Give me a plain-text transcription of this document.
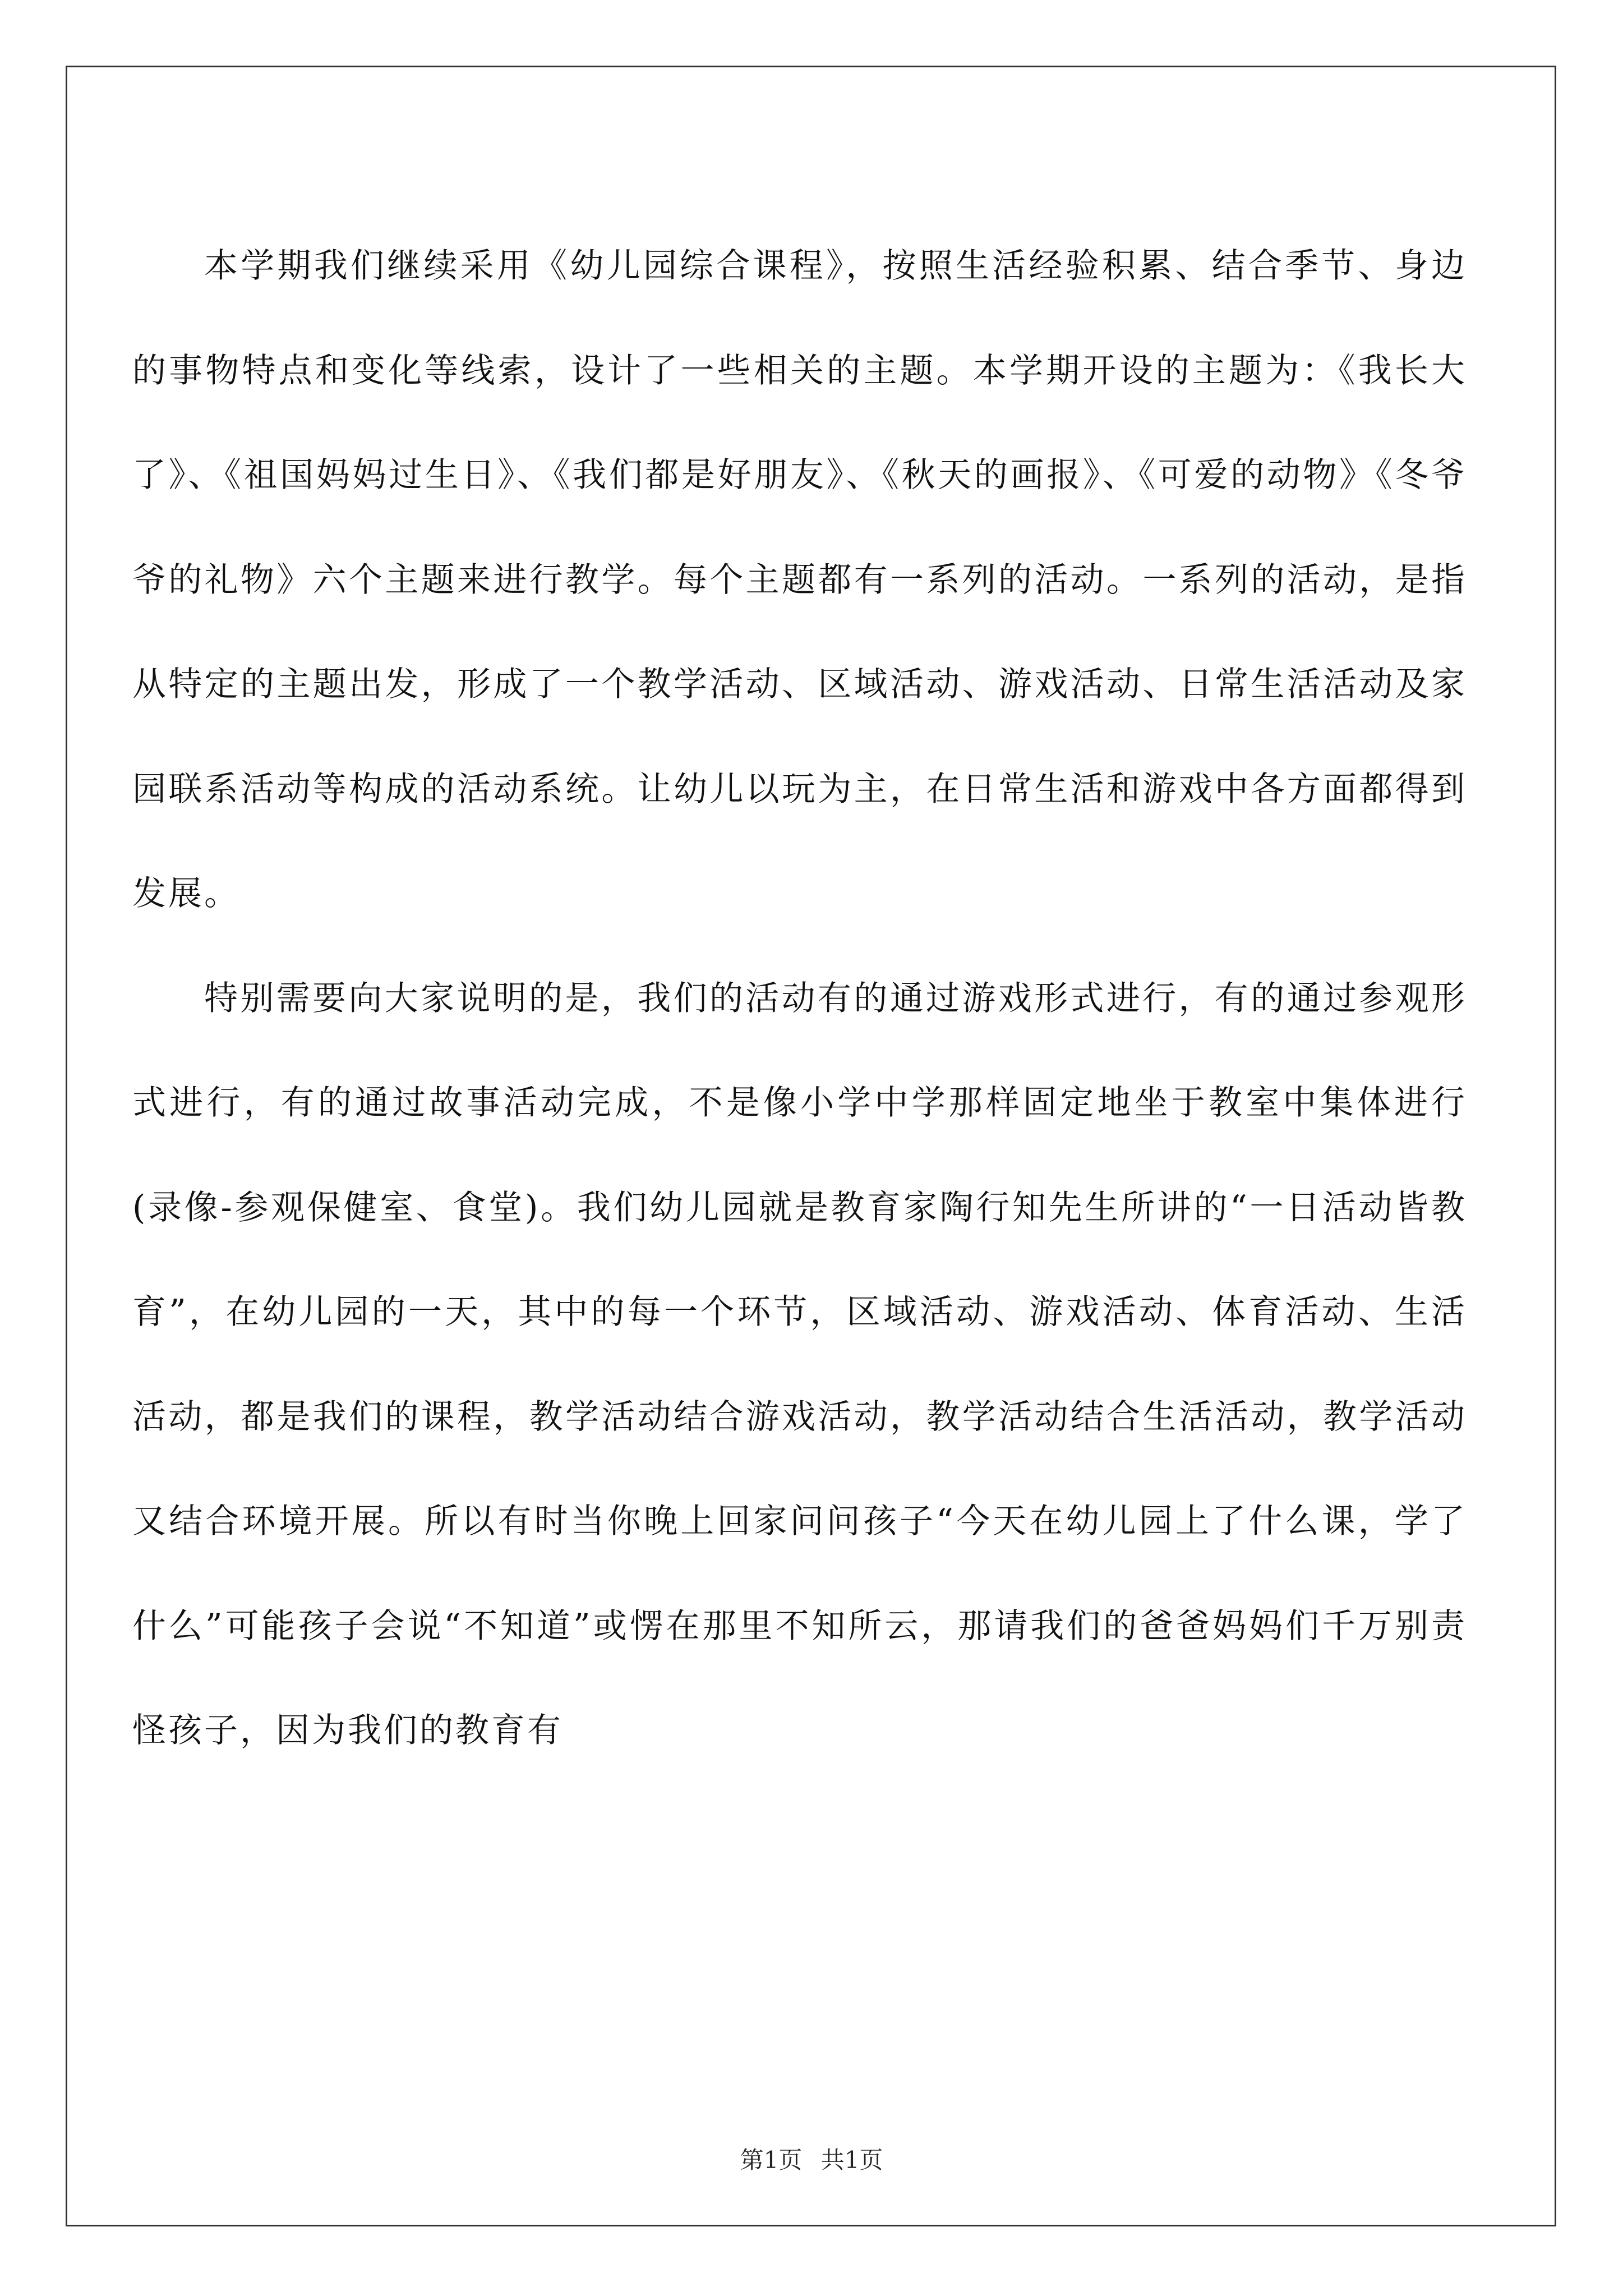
本学期我们继续采用《幼儿园综合课程》，按照生活经验积累、结合季节、身边的事物特点和变化等线索，设计了一些相关的主题。本学期开设的主题为：《我长大了》、《祖国妈妈过生日》、《我们都是好朋友》、《秋天的画报》、《可爱的动物》《冬爷爷的礼物》六个主题来进行教学。每个主题都有一系列的活动。一系列的活动，是指从特定的主题出发，形成了一个教学活动、区域活动、游戏活动、日常生活活动及家园联系活动等构成的活动系统。让幼儿以玩为主，在日常生活和游戏中各方面都得到发展。

特别需要向大家说明的是，我们的活动有的通过游戏形式进行，有的通过参观形式进行，有的通过故事活动完成，不是像小学中学那样固定地坐于教室中集体进行(录像-参观保健室、食堂)。我们幼儿园就是教育家陶行知先生所讲的“一日活动皆教育”，在幼儿园的一天，其中的每一个环节，区域活动、游戏活动、体育活动、生活活动，都是我们的课程，教学活动结合游戏活动，教学活动结合生活活动，教学活动又结合环境开展。所以有时当你晚上回家问问孩子“今天在幼儿园上了什么课，学了什么”可能孩子会说“不知道”或愣在那里不知所云，那请我们的爸爸妈妈们千万别责怪孩子，因为我们的教育有

第1页 共1页
